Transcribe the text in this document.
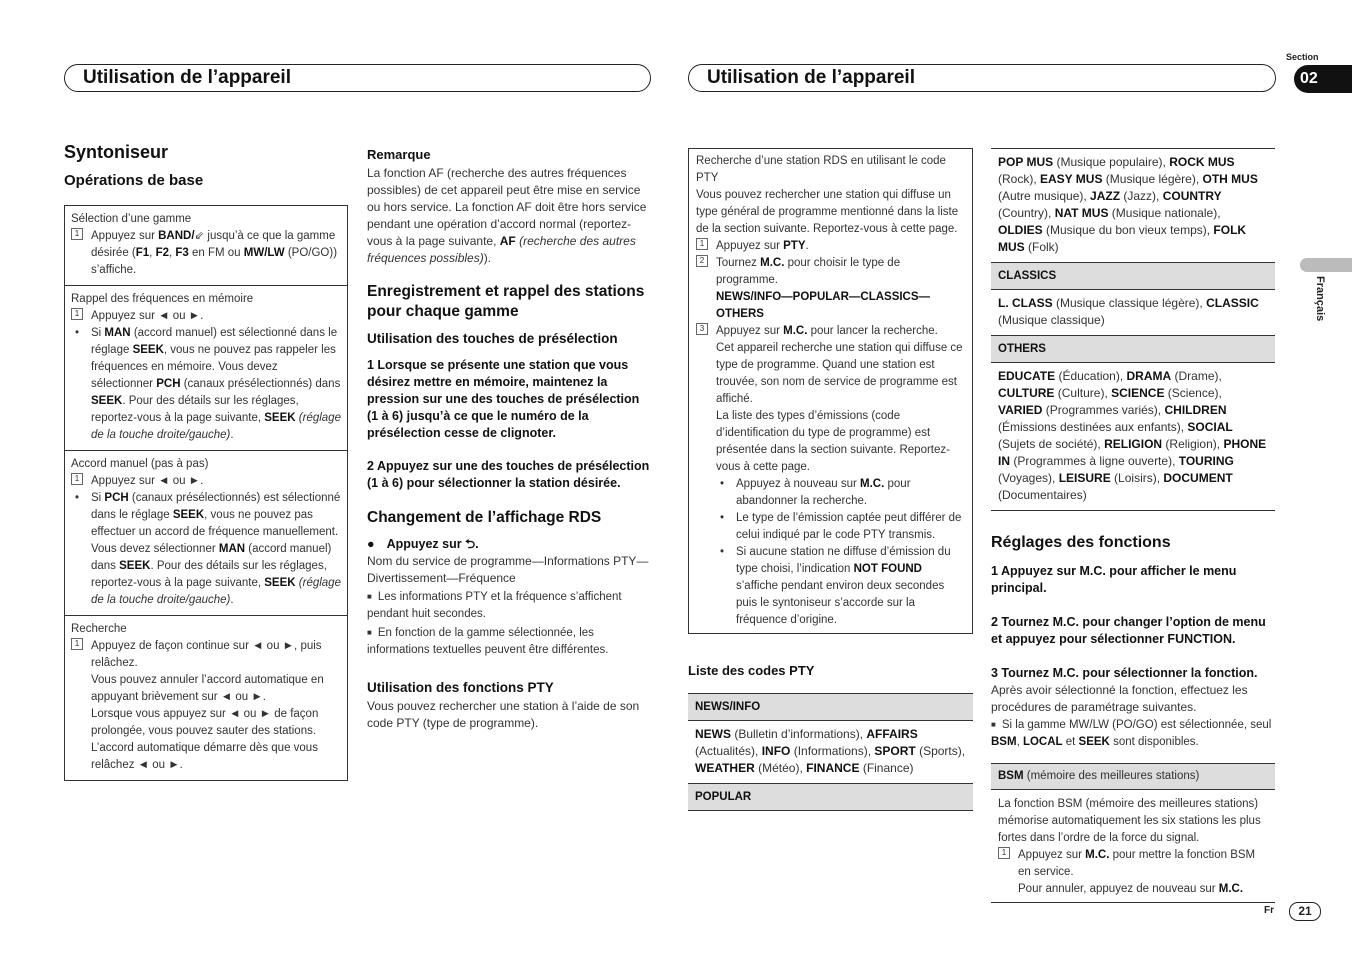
Utilisation de l’appareil	Utilisation de l’appareil
Section
02
Français
Syntoniseur
Opérations de base
Sélection d’une gamme
1	Appuyez sur BAND/⇙ jusqu’à ce que la gamme désirée (F1, F2, F3 en FM ou MW/LW (PO/GO)) s’affiche.
Rappel des fréquences en mémoire
1	Appuyez sur ◄ ou ►.
• Si MAN (accord manuel) est sélectionné dans le réglage SEEK, vous ne pouvez pas rappeler les fréquences en mémoire. Vous devez sélectionner PCH (canaux présélectionnés) dans SEEK. Pour des détails sur les réglages, reportez-vous à la page suivante, SEEK (réglage de la touche droite/gauche).
Accord manuel (pas à pas)
1	Appuyez sur ◄ ou ►.
• Si PCH (canaux présélectionnés) est sélectionné dans le réglage SEEK, vous ne pouvez pas effectuer un accord de fréquence manuellement. Vous devez sélectionner MAN (accord manuel) dans SEEK. Pour des détails sur les réglages, reportez-vous à la page suivante, SEEK (réglage de la touche droite/gauche).
Recherche
1	Appuyez de façon continue sur ◄ ou ►, puis relâchez.
Vous pouvez annuler l’accord automatique en appuyant brièvement sur ◄ ou ►.
Lorsque vous appuyez sur ◄ ou ► de façon prolongée, vous pouvez sauter des stations. L’accord automatique démarre dès que vous relâchez ◄ ou ►.
Remarque

La fonction AF (recherche des autres fréquences possibles) de cet appareil peut être mise en service ou hors service. La fonction AF doit être hors service pendant une opération d’accord normal (reportez-vous à la page suivante, AF (recherche des autres fréquences possibles)).

Enregistrement et rappel des stations pour chaque gamme
Utilisation des touches de présélection

1 Lorsque se présente une station que vous désirez mettre en mémoire, maintenez la pression sur une des touches de présélection (1 à 6) jusqu’à ce que le numéro de la présélection cesse de clignoter.

2 Appuyez sur une des touches de présélection (1 à 6) pour sélectionner la station désirée.

Changement de l’affichage RDS

● Appuyez sur ⮌.

Nom du service de programme—Informations PTY—Divertissement—Fréquence

■ Les informations PTY et la fréquence s’affichent pendant huit secondes.

■ En fonction de la gamme sélectionnée, les informations textuelles peuvent être différentes.

Utilisation des fonctions PTY

Vous pouvez rechercher une station à l’aide de son code PTY (type de programme).

Recherche d’une station RDS en utilisant le code PTY
Vous pouvez rechercher une station qui diffuse un type général de programme mentionné dans la liste de la section suivante. Reportez-vous à cette page.
1	Appuyez sur PTY.
2	Tournez M.C. pour choisir le type de programme.
NEWS/INFO—POPULAR—CLASSICS—OTHERS
3	Appuyez sur M.C. pour lancer la recherche.
Cet appareil recherche une station qui diffuse ce type de programme. Quand une station est trouvée, son nom de service de programme est affiché.
La liste des types d’émissions (code d’identification du type de programme) est présentée dans la section suivante. Reportez-vous à cette page.
• Appuyez à nouveau sur M.C. pour abandonner la recherche.
• Le type de l’émission captée peut différer de celui indiqué par le code PTY transmis.
• Si aucune station ne diffuse d’émission du type choisi, l’indication NOT FOUND s’affiche pendant environ deux secondes puis le syntoniseur s’accorde sur la fréquence d’origine.
Liste des codes PTY
NEWS/INFO
NEWS (Bulletin d’informations), AFFAIRS (Actualités), INFO (Informations), SPORT (Sports), WEATHER (Météo), FINANCE (Finance)
POPULAR
POP MUS (Musique populaire), ROCK MUS (Rock), EASY MUS (Musique légère), OTH MUS (Autre musique), JAZZ (Jazz), COUNTRY (Country), NAT MUS (Musique nationale), OLDIES (Musique du bon vieux temps), FOLK MUS (Folk)
CLASSICS
L. CLASS (Musique classique légère), CLASSIC (Musique classique)
OTHERS
EDUCATE (Éducation), DRAMA (Drame), CULTURE (Culture), SCIENCE (Science), VARIED (Programmes variés), CHILDREN (Émissions destinées aux enfants), SOCIAL (Sujets de société), RELIGION (Religion), PHONE IN (Programmes à ligne ouverte), TOURING (Voyages), LEISURE (Loisirs), DOCUMENT (Documentaires)
Réglages des fonctions

1 Appuyez sur M.C. pour afficher le menu principal.

2 Tournez M.C. pour changer l’option de menu et appuyez pour sélectionner FUNCTION.

3 Tournez M.C. pour sélectionner la fonction.

Après avoir sélectionné la fonction, effectuez les procédures de paramétrage suivantes.

■ Si la gamme MW/LW (PO/GO) est sélectionnée, seul BSM, LOCAL et SEEK sont disponibles.

BSM (mémoire des meilleures stations)
La fonction BSM (mémoire des meilleures stations) mémorise automatiquement les six stations les plus fortes dans l’ordre de la force du signal.
1	Appuyez sur M.C. pour mettre la fonction BSM en service.
Pour annuler, appuyez de nouveau sur M.C.
Fr	21
